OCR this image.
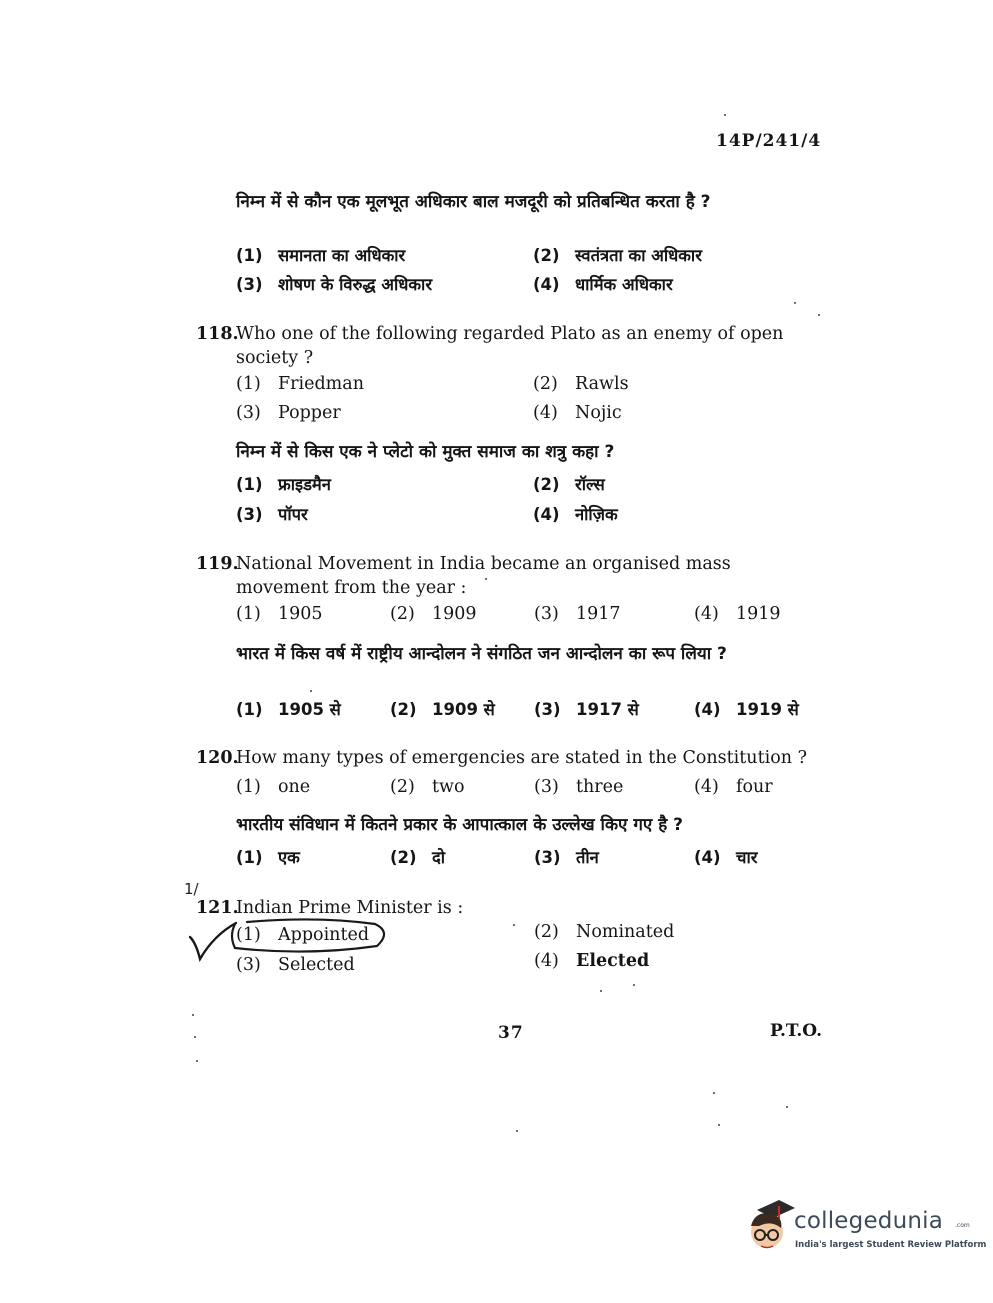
14P/241/4
निम्न में से कौन एक मूलभूत अधिकार बाल मजदूरी को प्रतिबन्धित करता है ?
(1) समानता का अधिकार	(2) स्वतंत्रता का अधिकार
(3) शोषण के विरुद्ध अधिकार	(4) धार्मिक अधिकार
118.
Who one of the following regarded Plato as an enemy of open society ?
(1) Friedman	(2) Rawls
(3) Popper	(4) Nojic
निम्न में से किस एक ने प्लेटो को मुक्त समाज का शत्रु कहा ?
(1) फ्राइडमैन	(2) रॉल्स
(3) पॉपर	(4) नोज़िक
119.
National Movement in India became an organised mass movement from the year :
(1) 1905	(2) 1909	(3) 1917	(4) 1919
भारत में किस वर्ष में राष्ट्रीय आन्दोलन ने संगठित जन आन्दोलन का रूप लिया ?
(1) 1905 से	(2) 1909 से (3) 1917 से	(4) 1919 से
120.
How many types of emergencies are stated in the Constitution ?
(1) one	(2) two	(3) three	(4) four
भारतीय संविधान में कितने प्रकार के आपात्काल के उल्लेख किए गए है ?
(1) एक	(2) दो	(3) तीन	(4) चार
1/
121.
Indian Prime Minister is :
(1) Appointed	(2) Nominated
(3) Selected	(4) Elected
37	P.T.O.
collegedunia .com
India's largest Student Review Platform
